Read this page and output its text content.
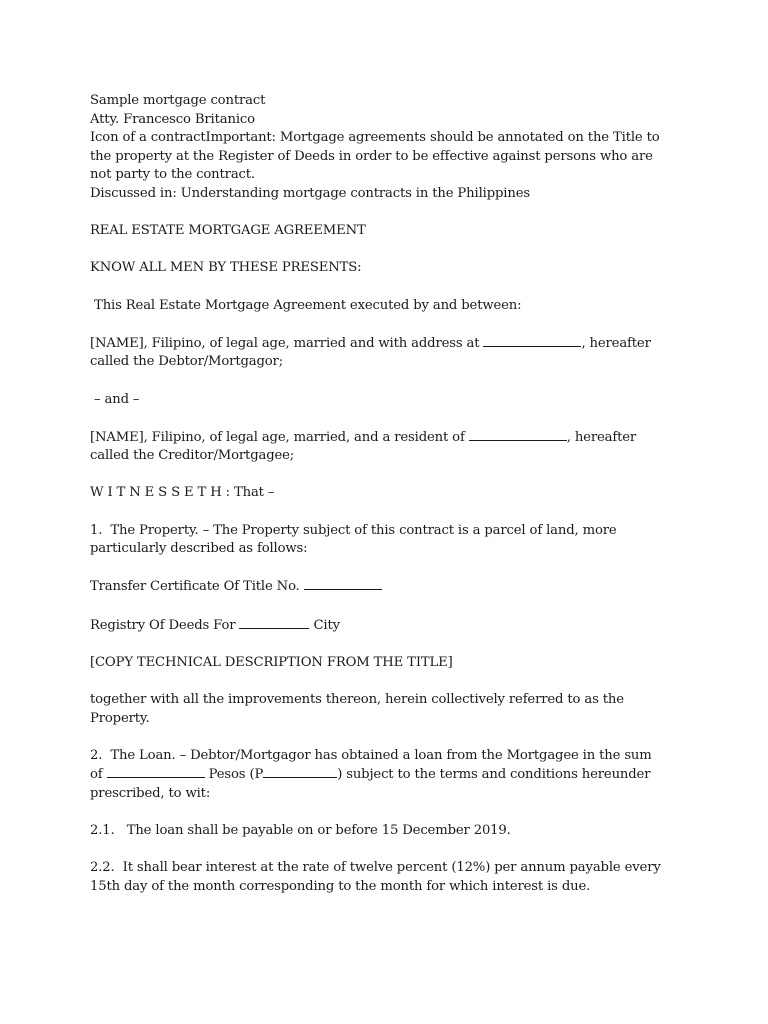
Sample mortgage contract
Atty. Francesco Britanico
Icon of a contractImportant: Mortgage agreements should be annotated on the Title to
the property at the Register of Deeds in order to be effective against persons who are
not party to the contract.
Discussed in: Understanding mortgage contracts in the Philippines
REAL ESTATE MORTGAGE AGREEMENT
KNOW ALL MEN BY THESE PRESENTS:
This Real Estate Mortgage Agreement executed by and between:
[NAME], Filipino, of legal age, married and with address at	, hereafter
called the Debtor/Mortgagor;
– and –
[NAME], Filipino, of legal age, married, and a resident of	, hereafter
called the Creditor/Mortgagee;
W I T N E S S E T H : That –
1.  The Property. – The Property subject of this contract is a parcel of land, more
particularly described as follows:
Transfer Certificate Of Title No.
Registry Of Deeds For	City
[COPY TECHNICAL DESCRIPTION FROM THE TITLE]
together with all the improvements thereon, herein collectively referred to as the
Property.
2.  The Loan. – Debtor/Mortgagor has obtained a loan from the Mortgagee in the sum
of	Pesos (P	) subject to the terms and conditions hereunder
prescribed, to wit:
2.1.   The loan shall be payable on or before 15 December 2019.
2.2.  It shall bear interest at the rate of twelve percent (12%) per annum payable every
15th day of the month corresponding to the month for which interest is due.
